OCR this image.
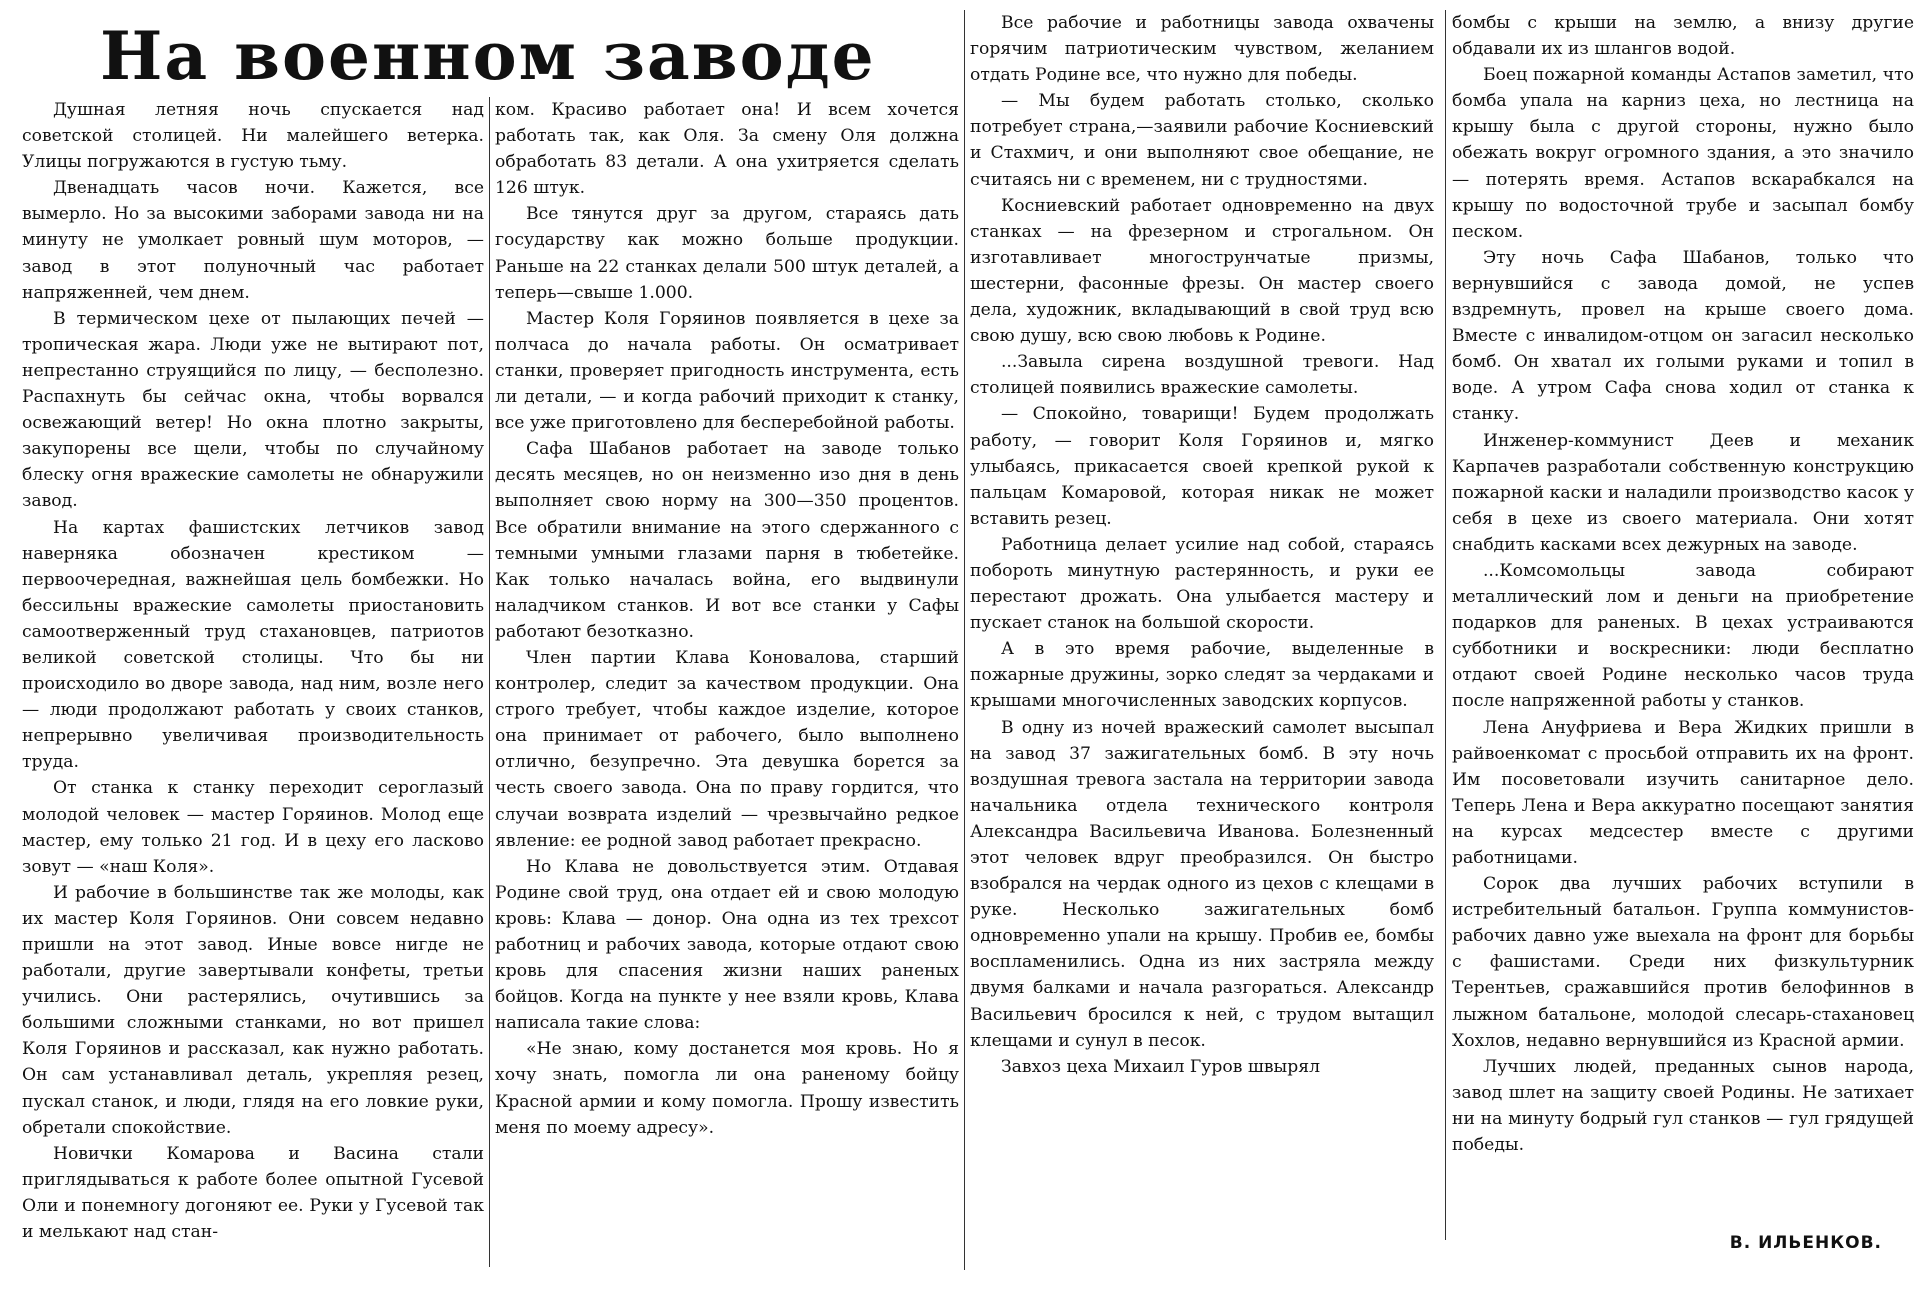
На военном заводе

Душная летняя ночь спускается над советской столицей. Ни малейшего ветерка. Улицы погружаются в густую тьму.

Двенадцать часов ночи. Кажется, все вымерло. Но за высокими заборами завода ни на минуту не умолкает ровный шум моторов, — завод в этот полуночный час работает напряженней, чем днем.

В термическом цехе от пылающих печей — тропическая жара. Люди уже не вытирают пот, непрестанно струящийся по лицу, — бесполезно. Распахнуть бы сейчас окна, чтобы ворвался освежающий ветер! Но окна плотно закрыты, закупорены все щели, чтобы по случайному блеску огня вражеские самолеты не обнаружили завод.

На картах фашистских летчиков завод наверняка обозначен крестиком — первоочередная, важнейшая цель бомбежки. Но бессильны вражеские самолеты приостановить самоотверженный труд стахановцев, патриотов великой советской столицы. Что бы ни происходило во дворе завода, над ним, возле него — люди продолжают работать у своих станков, непрерывно увеличивая производительность труда.

От станка к станку переходит сероглазый молодой человек — мастер Горяинов. Молод еще мастер, ему только 21 год. И в цеху его ласково зовут — «наш Коля».

И рабочие в большинстве так же молоды, как их мастер Коля Горяинов. Они совсем недавно пришли на этот завод. Иные вовсе нигде не работали, другие завертывали конфеты, третьи учились. Они растерялись, очутившись за большими сложными станками, но вот пришел Коля Горяинов и рассказал, как нужно работать. Он сам устанавливал деталь, укрепляя резец, пускал станок, и люди, глядя на его ловкие руки, обретали спокойствие.

Новички Комарова и Васина стали приглядываться к работе более опытной Гусевой Оли и понемногу догоняют ее. Руки у Гусевой так и мелькают над стан-

ком. Красиво работает она! И всем хочется работать так, как Оля. За смену Оля должна обработать 83 детали. А она ухитряется сделать 126 штук.

Все тянутся друг за другом, стараясь дать государству как можно больше продукции. Раньше на 22 станках делали 500 штук деталей, а теперь—свыше 1.000.

Мастер Коля Горяинов появляется в цехе за полчаса до начала работы. Он осматривает станки, проверяет пригодность инструмента, есть ли детали, — и когда рабочий приходит к станку, все уже приготовлено для бесперебойной работы.

Сафа Шабанов работает на заводе только десять месяцев, но он неизменно изо дня в день выполняет свою норму на 300—350 процентов. Все обратили внимание на этого сдержанного с темными умными глазами парня в тюбетейке. Как только началась война, его выдвинули наладчиком станков. И вот все станки у Сафы работают безотказно.

Член партии Клава Коновалова, старший контролер, следит за качеством продукции. Она строго требует, чтобы каждое изделие, которое она принимает от рабочего, было выполнено отлично, безупречно. Эта девушка борется за честь своего завода. Она по праву гордится, что случаи возврата изделий — чрезвычайно редкое явление: ее родной завод работает прекрасно.

Но Клава не довольствуется этим. Отдавая Родине свой труд, она отдает ей и свою молодую кровь: Клава — донор. Она одна из тех трехсот работниц и рабочих завода, которые отдают свою кровь для спасения жизни наших раненых бойцов. Когда на пункте у нее взяли кровь, Клава написала такие слова:

«Не знаю, кому достанется моя кровь. Но я хочу знать, помогла ли она раненому бойцу Красной армии и кому помогла. Прошу известить меня по моему адресу».

Все рабочие и работницы завода охвачены горячим патриотическим чувством, желанием отдать Родине все, что нужно для победы.

— Мы будем работать столько, сколько потребует страна,—заявили рабочие Косниевский и Стахмич, и они выполняют свое обещание, не считаясь ни с временем, ни с трудностями.

Косниевский работает одновременно на двух станках — на фрезерном и строгальном. Он изготавливает многострунчатые призмы, шестерни, фасонные фрезы. Он мастер своего дела, художник, вкладывающий в свой труд всю свою душу, всю свою любовь к Родине.

...Завыла сирена воздушной тревоги. Над столицей появились вражеские самолеты.

— Спокойно, товарищи! Будем продолжать работу, — говорит Коля Горяинов и, мягко улыбаясь, прикасается своей крепкой рукой к пальцам Комаровой, которая никак не может вставить резец.

Работница делает усилие над собой, стараясь побороть минутную растерянность, и руки ее перестают дрожать. Она улыбается мастеру и пускает станок на большой скорости.

А в это время рабочие, выделенные в пожарные дружины, зорко следят за чердаками и крышами многочисленных заводских корпусов.

В одну из ночей вражеский самолет высыпал на завод 37 зажигательных бомб. В эту ночь воздушная тревога застала на территории завода начальника отдела технического контроля Александра Васильевича Иванова. Болезненный этот человек вдруг преобразился. Он быстро взобрался на чердак одного из цехов с клещами в руке. Несколько зажигательных бомб одновременно упали на крышу. Пробив ее, бомбы воспламенились. Одна из них застряла между двумя балками и начала разгораться. Александр Васильевич бросился к ней, с трудом вытащил клещами и сунул в песок.

Завхоз цеха Михаил Гуров швырял

бомбы с крыши на землю, а внизу другие обдавали их из шлангов водой.

Боец пожарной команды Астапов заметил, что бомба упала на карниз цеха, но лестница на крышу была с другой стороны, нужно было обежать вокруг огромного здания, а это значило — потерять время. Астапов вскарабкался на крышу по водосточной трубе и засыпал бомбу песком.

Эту ночь Сафа Шабанов, только что вернувшийся с завода домой, не успев вздремнуть, провел на крыше своего дома. Вместе с инвалидом-отцом он загасил несколько бомб. Он хватал их голыми руками и топил в воде. А утром Сафа снова ходил от станка к станку.

Инженер-коммунист Деев и механик Карпачев разработали собственную конструкцию пожарной каски и наладили производство касок у себя в цехе из своего материала. Они хотят снабдить касками всех дежурных на заводе.

...Комсомольцы завода собирают металлический лом и деньги на приобретение подарков для раненых. В цехах устраиваются субботники и воскресники: люди бесплатно отдают своей Родине несколько часов труда после напряженной работы у станков.

Лена Ануфриева и Вера Жидких пришли в райвоенкомат с просьбой отправить их на фронт. Им посоветовали изучить санитарное дело. Теперь Лена и Вера аккуратно посещают занятия на курсах медсестер вместе с другими работницами.

Сорок два лучших рабочих вступили в истребительный батальон. Группа коммунистов-рабочих давно уже выехала на фронт для борьбы с фашистами. Среди них физкультурник Терентьев, сражавшийся против белофиннов в лыжном батальоне, молодой слесарь-стахановец Хохлов, недавно вернувшийся из Красной армии.

Лучших людей, преданных сынов народа, завод шлет на защиту своей Родины. Не затихает ни на минуту бодрый гул станков — гул грядущей победы.

В. ИЛЬЕНКОВ.
